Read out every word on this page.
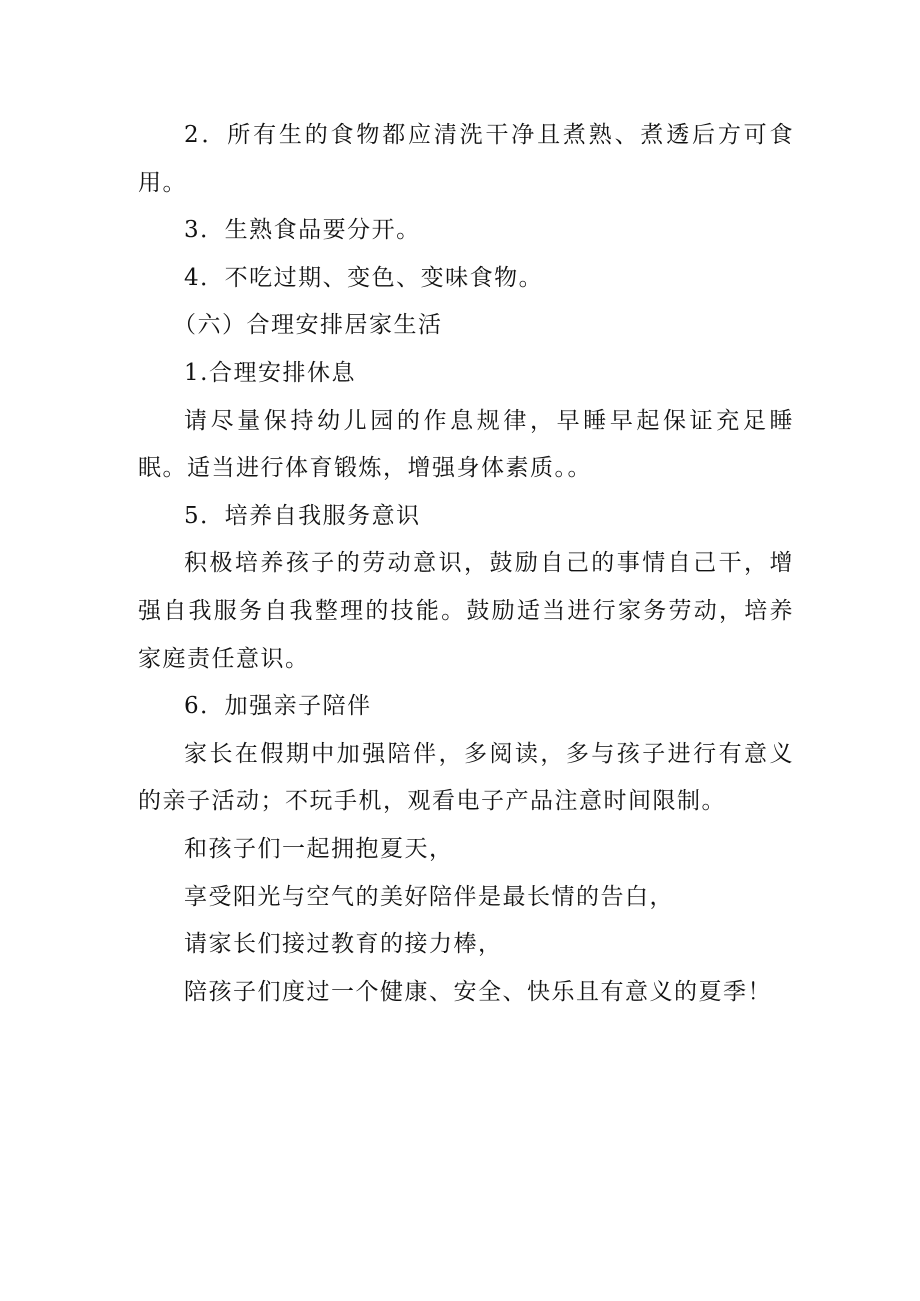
2．所有生的食物都应清洗干净且煮熟、煮透后方可食用。

3．生熟食品要分开。

4．不吃过期、变色、变味食物。

（六）合理安排居家生活

1.合理安排休息

请尽量保持幼儿园的作息规律，早睡早起保证充足睡眠。适当进行体育锻炼，增强身体素质。。

5．培养自我服务意识

积极培养孩子的劳动意识，鼓励自己的事情自己干，增强自我服务自我整理的技能。鼓励适当进行家务劳动，培养家庭责任意识。

6．加强亲子陪伴

家长在假期中加强陪伴，多阅读，多与孩子进行有意义的亲子活动；不玩手机，观看电子产品注意时间限制。

和孩子们一起拥抱夏天，

享受阳光与空气的美好陪伴是最长情的告白，

请家长们接过教育的接力棒，

陪孩子们度过一个健康、安全、快乐且有意义的夏季！
